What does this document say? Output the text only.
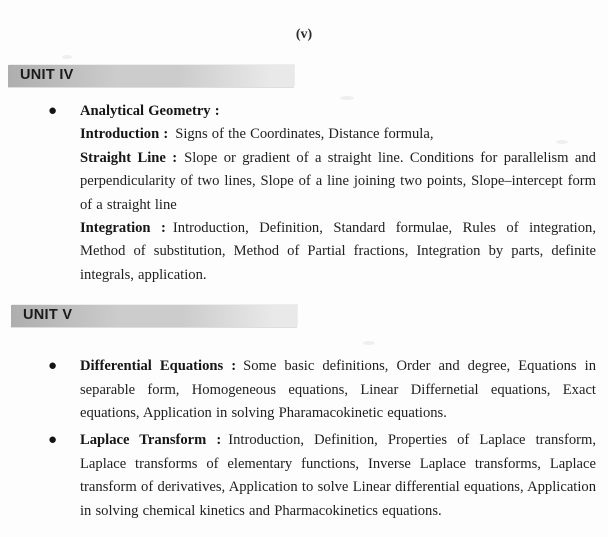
(v)
UNIT IV
● Analytical Geometry :
Introduction : Signs of the Coordinates, Distance formula,
Straight Line : Slope or gradient of a straight line. Conditions for parallelism and perpendicularity of two lines, Slope of a line joining two points, Slope–intercept form of a straight line
Integration : Introduction, Definition, Standard formulae, Rules of integration, Method of substitution, Method of Partial fractions, Integration by parts, definite integrals, application.
UNIT V
● Differential Equations : Some basic definitions, Order and degree, Equations in separable form, Homogeneous equations, Linear Differnetial equations, Exact equations, Application in solving Pharamacokinetic equations.
● Laplace Transform : Introduction, Definition, Properties of Laplace transform, Laplace transforms of elementary functions, Inverse Laplace transforms, Laplace transform of derivatives, Application to solve Linear differential equations, Application in solving chemical kinetics and Pharmacokinetics equations.
